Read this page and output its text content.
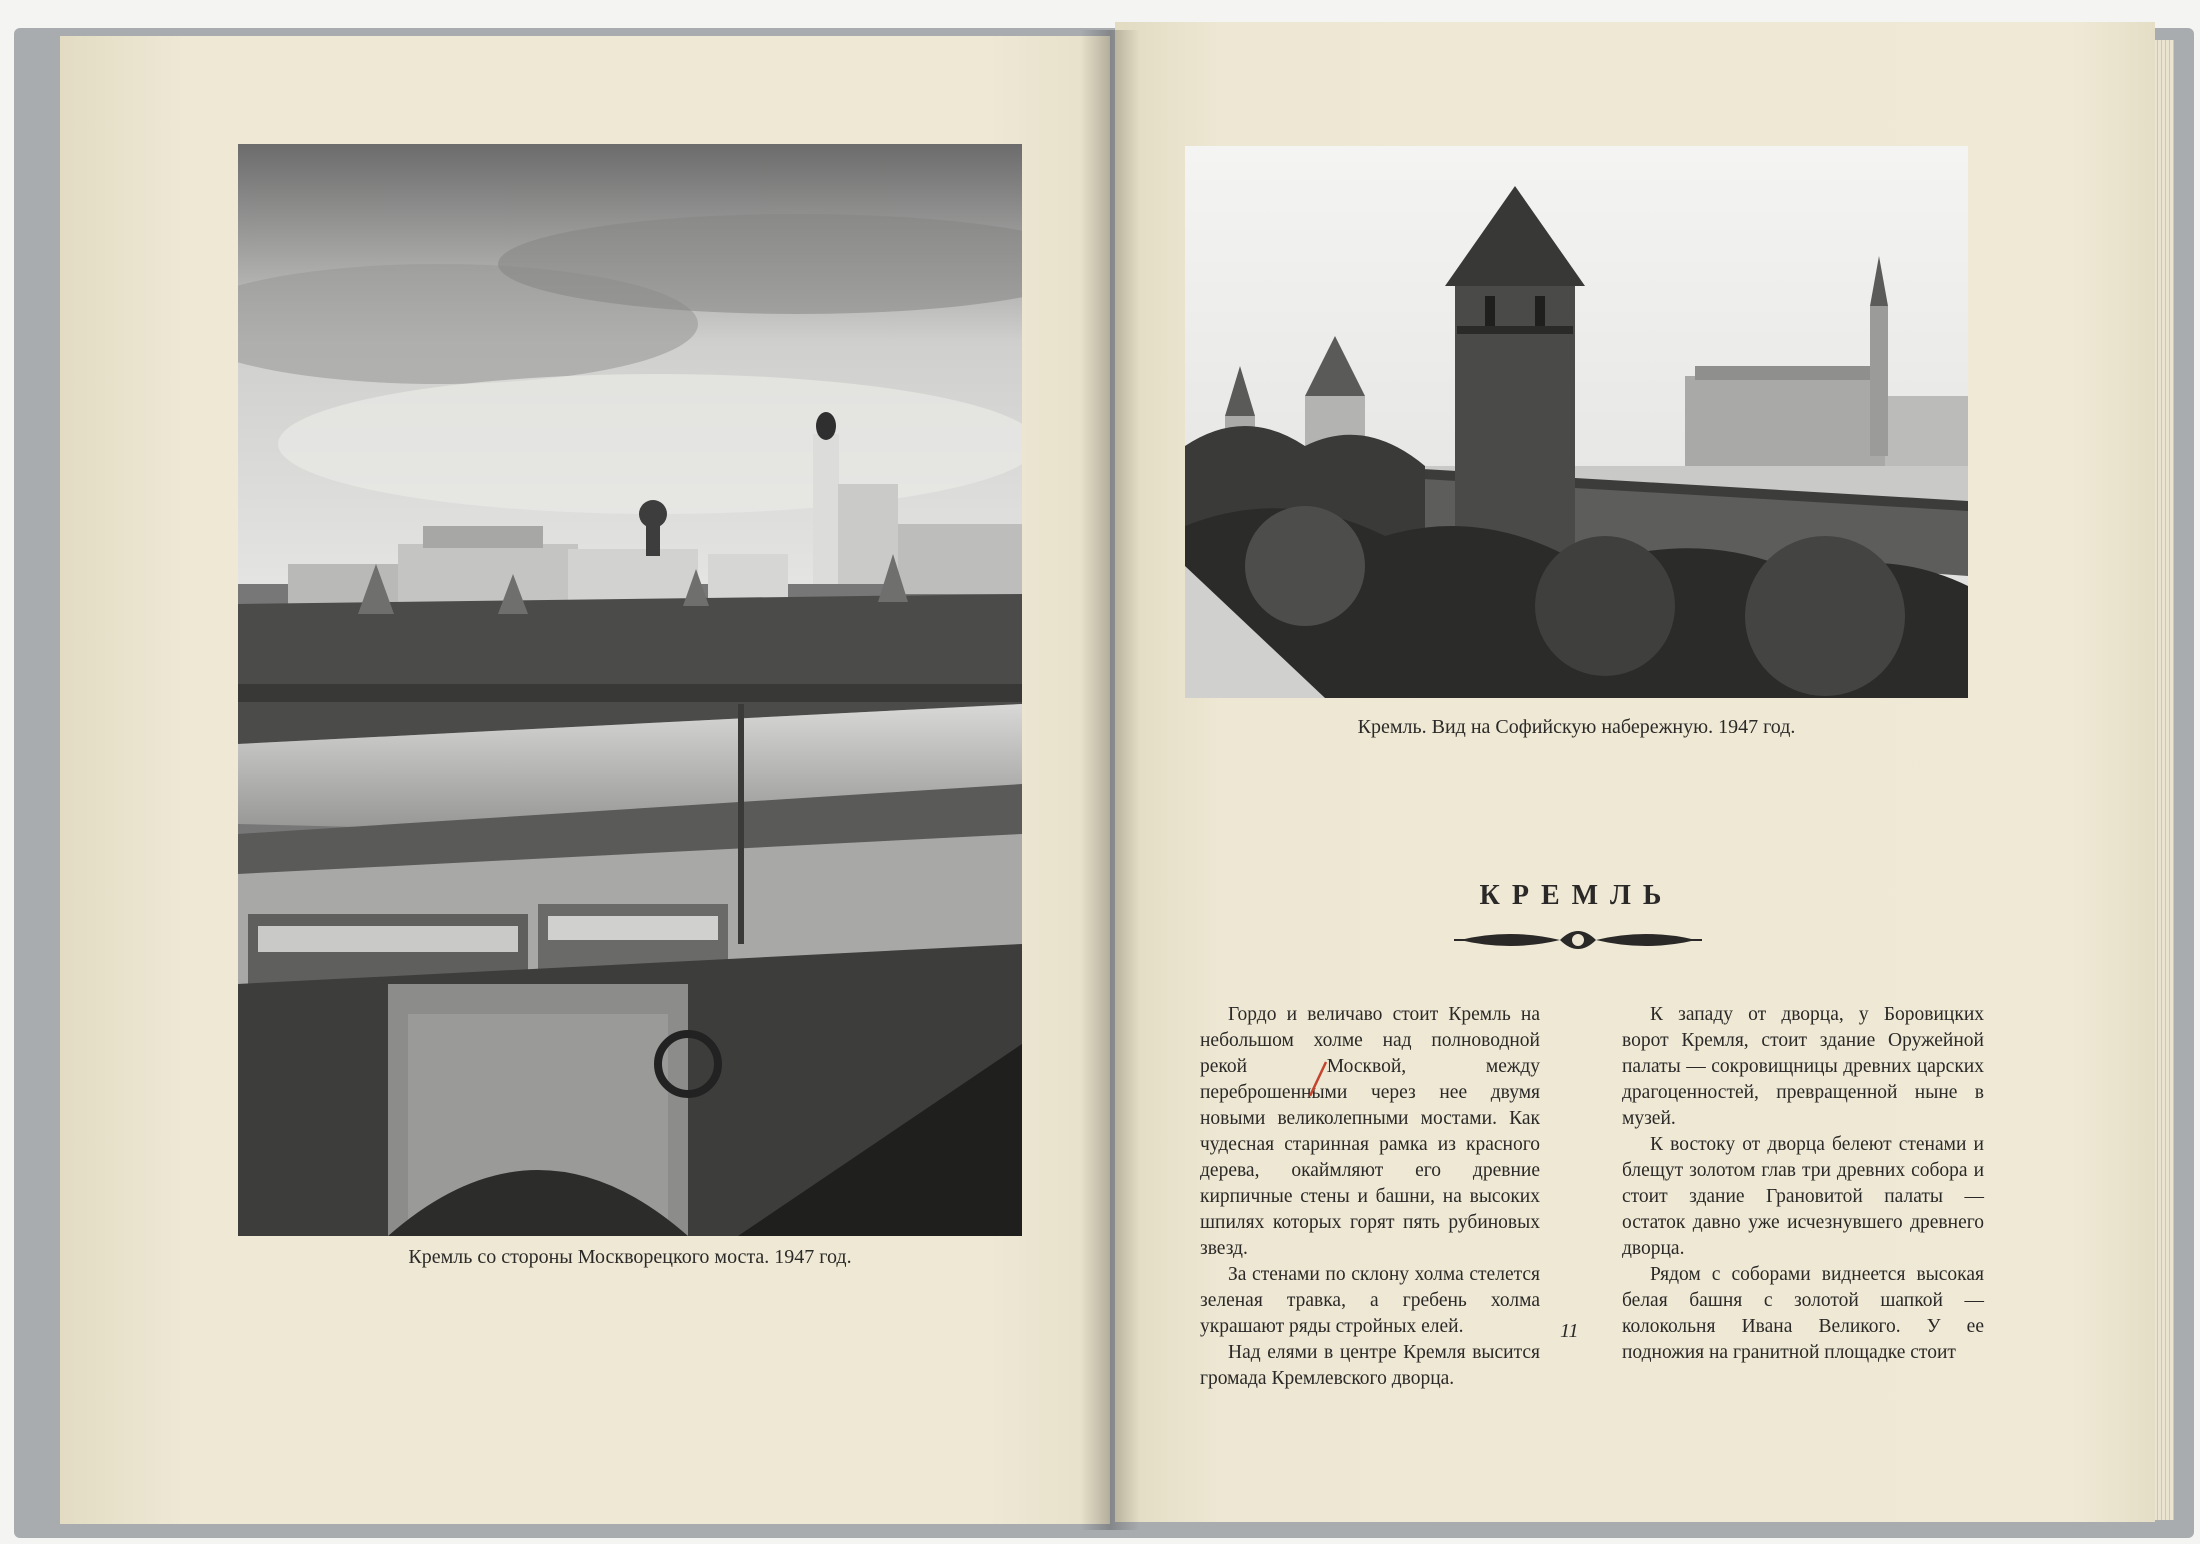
Кремль со стороны Москворецкого моста. 1947 год.
Кремль. Вид на Софийскую набережную. 1947 год.
КРЕМЛЬ

Гордо и величаво стоит Кремль на небольшом холме над полноводной рекой Москвой, между переброшенными через нее двумя новыми великолепными мостами. Как чудесная старинная рамка из красного дерева, окаймляют его древние кирпичные стены и башни, на высоких шпилях которых горят пять рубиновых звезд.

За стенами по склону холма стелется зеленая травка, а гребень холма украшают ряды стройных елей.

Над елями в центре Кремля высится громада Кремлевского дворца.

К западу от дворца, у Боровицких ворот Кремля, стоит здание Оружейной палаты — сокровищницы древних царских драгоценностей, превращенной ныне в музей.

К востоку от дворца белеют стенами и блещут золотом глав три древних собора и стоит здание Грановитой палаты — остаток давно уже исчезнувшего древнего дворца.

Рядом с соборами виднеется высокая белая башня с золотой шапкой — колокольня Ивана Великого. У ее подножия на гранитной площадке стоит

11
